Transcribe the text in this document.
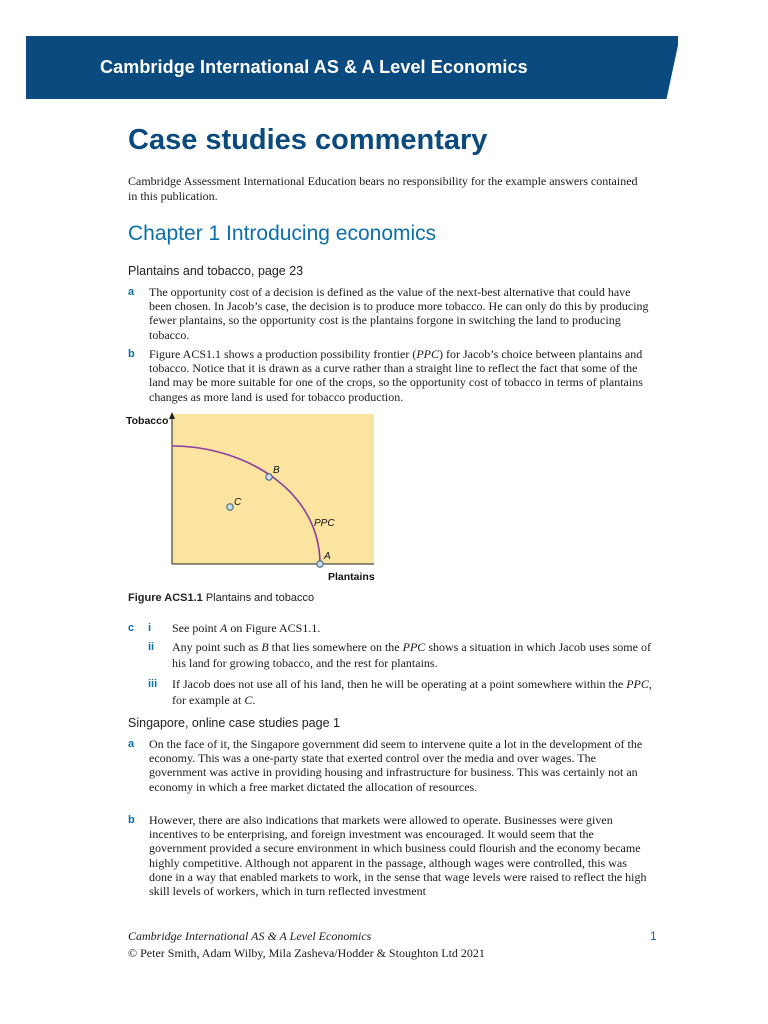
Cambridge International AS & A Level Economics
Case studies commentary
Cambridge Assessment International Education bears no responsibility for the example answers contained in this publication.
Chapter 1 Introducing economics
Plantains and tobacco, page 23
a	The opportunity cost of a decision is defined as the value of the next-best alternative that could have been chosen. In Jacob’s case, the decision is to produce more tobacco. He can only do this by producing fewer plantains, so the opportunity cost is the plantains forgone in switching the land to producing tobacco.
b	Figure ACS1.1 shows a production possibility frontier (PPC) for Jacob’s choice between plantains and tobacco. Notice that it is drawn as a curve rather than a straight line to reflect the fact that some of the land may be more suitable for one of the crops, so the opportunity cost of tobacco in terms of plantains changes as more land is used for tobacco production.
Tobacco
Plantains
PPC
B
C
A
Figure ACS1.1 Plantains and tobacco
c i	See point A on Figure ACS1.1.
ii	Any point such as B that lies somewhere on the PPC shows a situation in which Jacob uses some of his land for growing tobacco, and the rest for plantains.
iii	If Jacob does not use all of his land, then he will be operating at a point somewhere within the PPC, for example at C.
Singapore, online case studies page 1
a	On the face of it, the Singapore government did seem to intervene quite a lot in the development of the economy. This was a one-party state that exerted control over the media and over wages. The government was active in providing housing and infrastructure for business. This was certainly not an economy in which a free market dictated the allocation of resources.
b	However, there are also indications that markets were allowed to operate. Businesses were given incentives to be enterprising, and foreign investment was encouraged. It would seem that the government provided a secure environment in which business could flourish and the economy became highly competitive. Although not apparent in the passage, although wages were controlled, this was done in a way that enabled markets to work, in the sense that wage levels were raised to reflect the high skill levels of workers, which in turn reflected investment
Cambridge International AS & A Level Economics	1
© Peter Smith, Adam Wilby, Mila Zasheva/Hodder & Stoughton Ltd 2021
